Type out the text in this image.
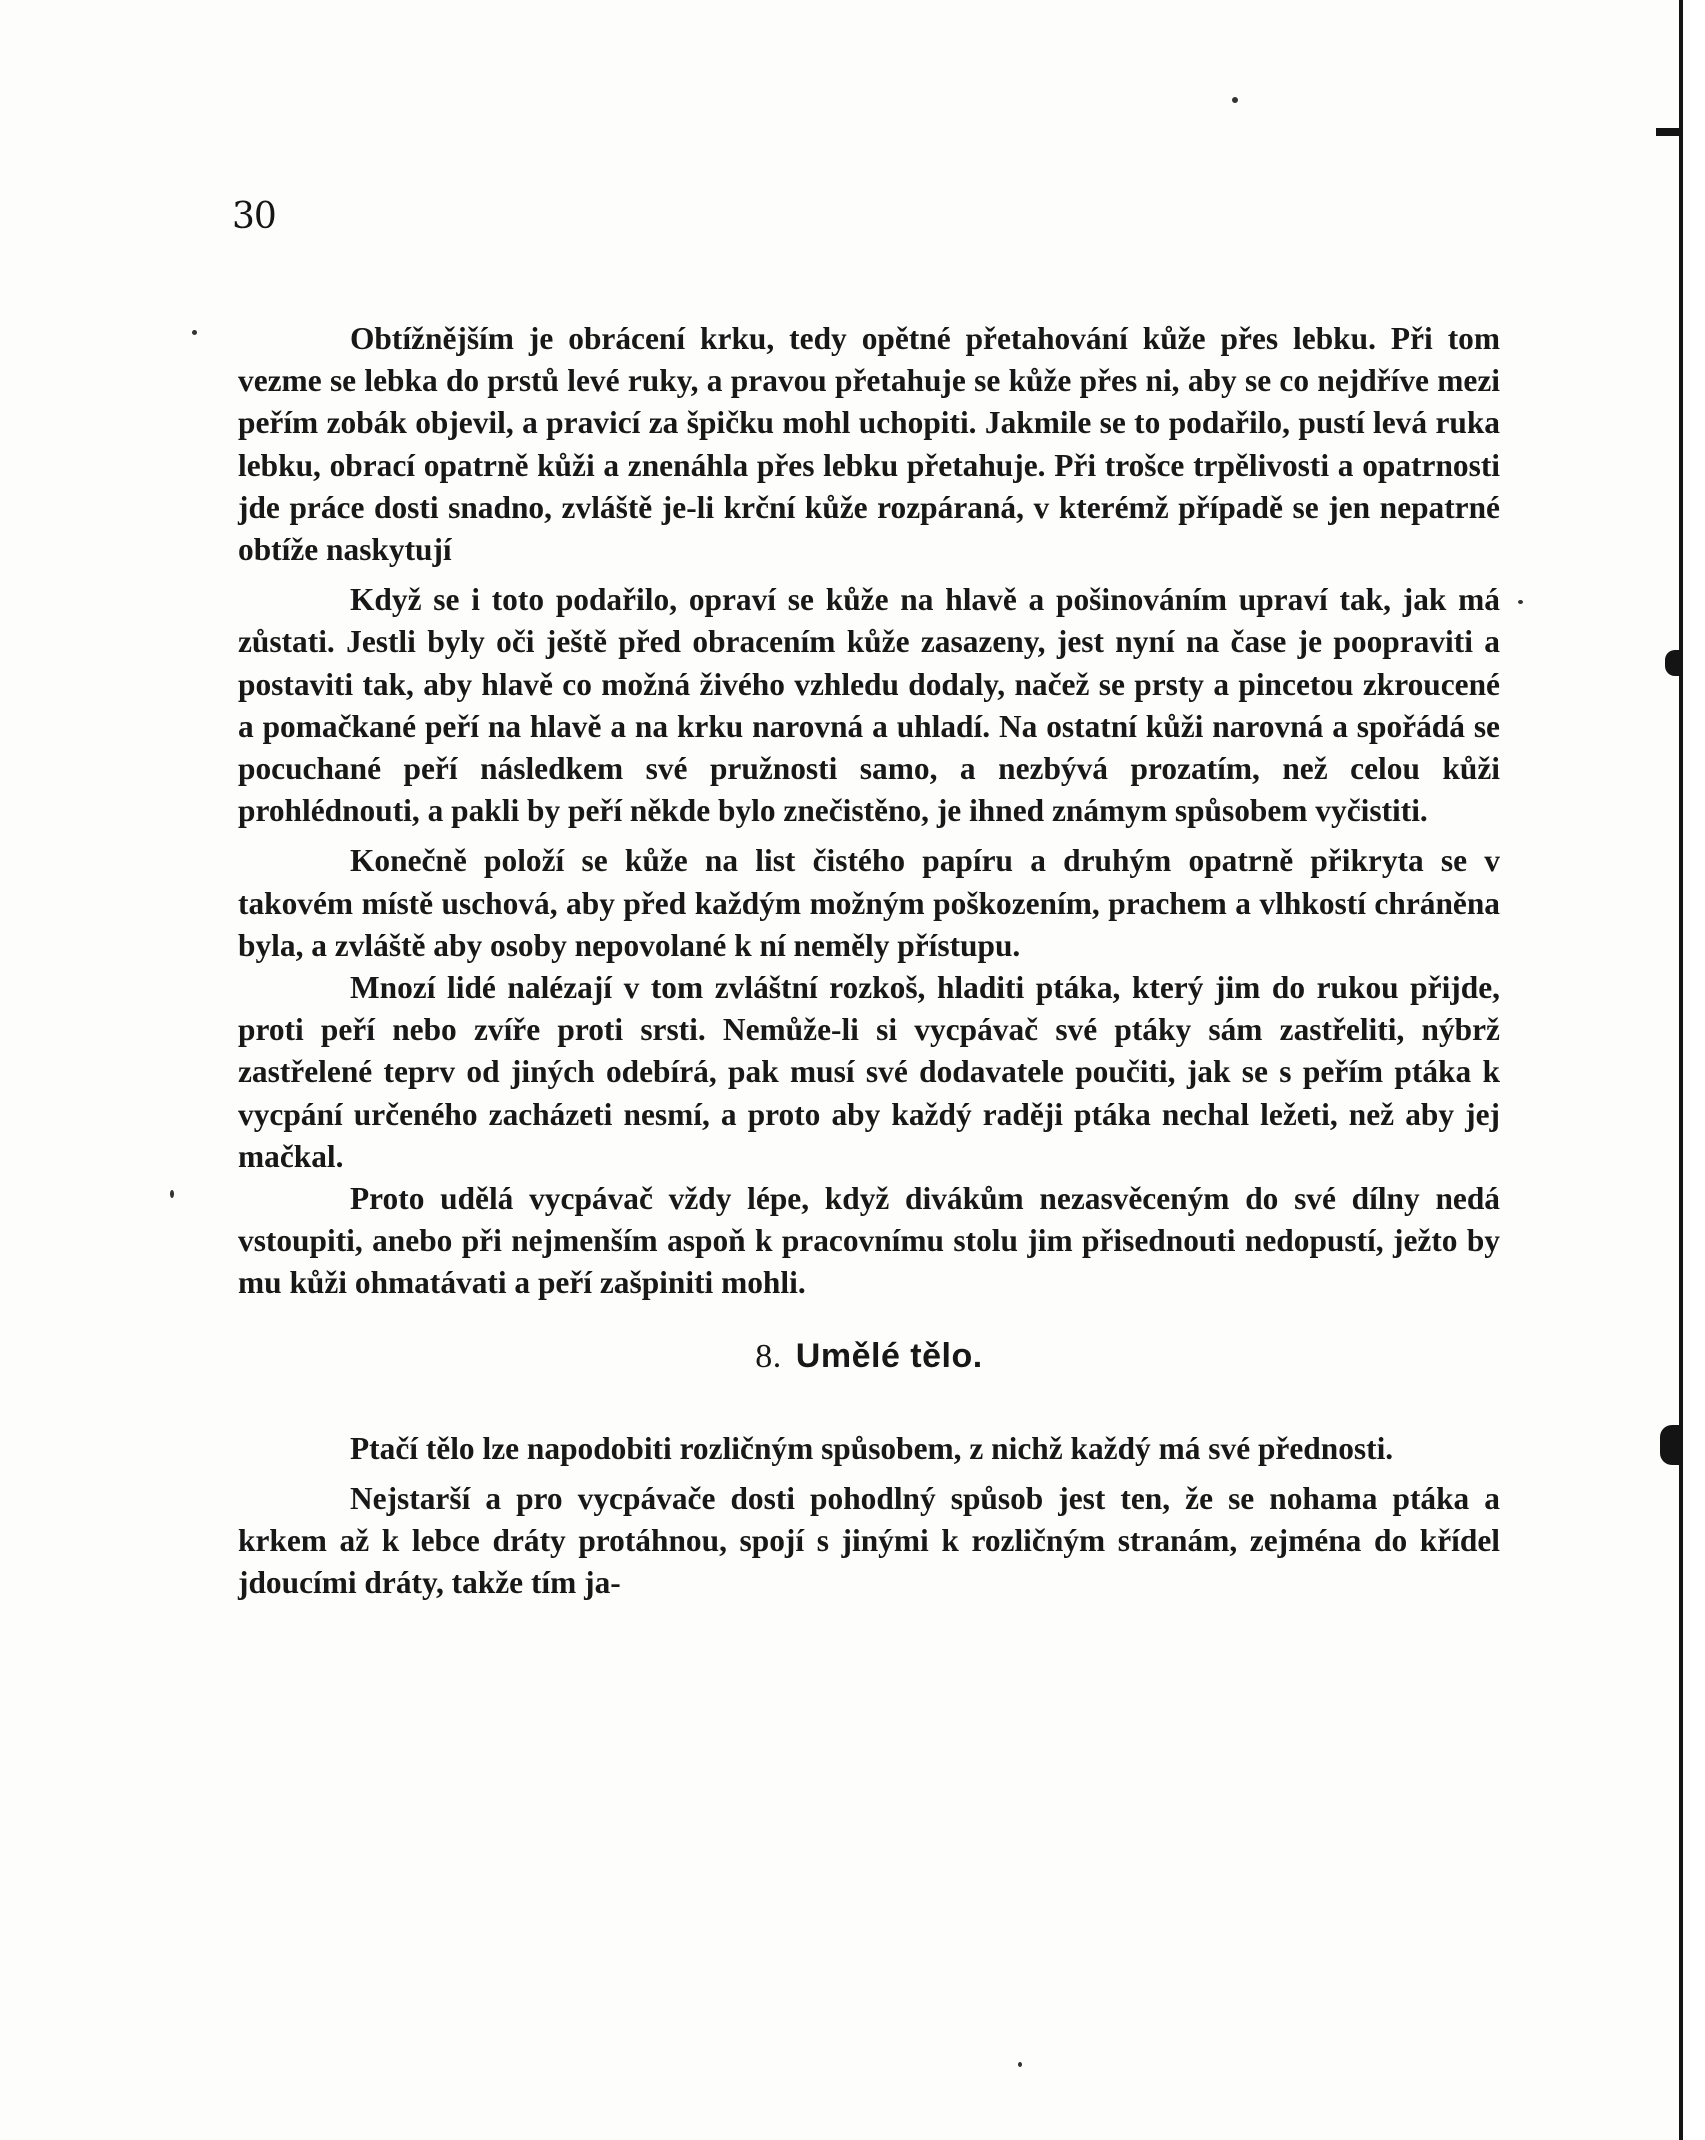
30

Obtížnějším je obrácení krku, tedy opětné přetahování kůže přes lebku. Při tom vezme se lebka do prstů levé ruky, a pravou přetahuje se kůže přes ni, aby se co nejdříve mezi peřím zobák objevil, a pravicí za špičku mohl uchopiti. Jakmile se to podařilo, pustí levá ruka lebku, obrací opatrně kůži a znenáhla přes lebku přetahuje. Při trošce trpělivosti a opatrnosti jde práce dosti snadno, zvláště je-li krční kůže rozpáraná, v kterémž případě se jen nepatrné obtíže naskytují

Když se i toto podařilo, opraví se kůže na hlavě a pošinováním upraví tak, jak má zůstati. Jestli byly oči ještě před obracením kůže zasazeny, jest nyní na čase je poopraviti a postaviti tak, aby hlavě co možná živého vzhledu dodaly, načež se prsty a pincetou zkroucené a pomačkané peří na hlavě a na krku narovná a uhladí. Na ostatní kůži narovná a spořádá se pocuchané peří následkem své pružnosti samo, a nezbývá prozatím, než celou kůži prohlédnouti, a pakli by peří někde bylo znečistěno, je ihned známym spůsobem vyčistiti.

Konečně položí se kůže na list čistého papíru a druhým opatrně přikryta se v takovém místě uschová, aby před každým možným poškozením, prachem a vlhkostí chráněna byla, a zvláště aby osoby nepovolané k ní neměly přístupu.

Mnozí lidé nalézají v tom zvláštní rozkoš, hladiti ptáka, který jim do rukou přijde, proti peří nebo zvíře proti srsti. Nemůže-li si vycpávač své ptáky sám zastřeliti, nýbrž zastřelené teprv od jiných odebírá, pak musí své dodavatele poučiti, jak se s peřím ptáka k vycpání určeného zacházeti nesmí, a proto aby každý raději ptáka nechal ležeti, než aby jej mačkal.

Proto udělá vycpávač vždy lépe, když divákům nezasvěceným do své dílny nedá vstoupiti, anebo při nejmenším aspoň k pracovnímu stolu jim přisednouti nedopustí, ježto by mu kůži ohmatávati a peří zašpiniti mohli.

8. Umělé tělo.

Ptačí tělo lze napodobiti rozličným spůsobem, z nichž každý má své přednosti.

Nejstarší a pro vycpávače dosti pohodlný spůsob jest ten, že se nohama ptáka a krkem až k lebce dráty protáhnou, spojí s jinými k rozličným stranám, zejména do křídel jdoucími dráty, takže tím ja-
